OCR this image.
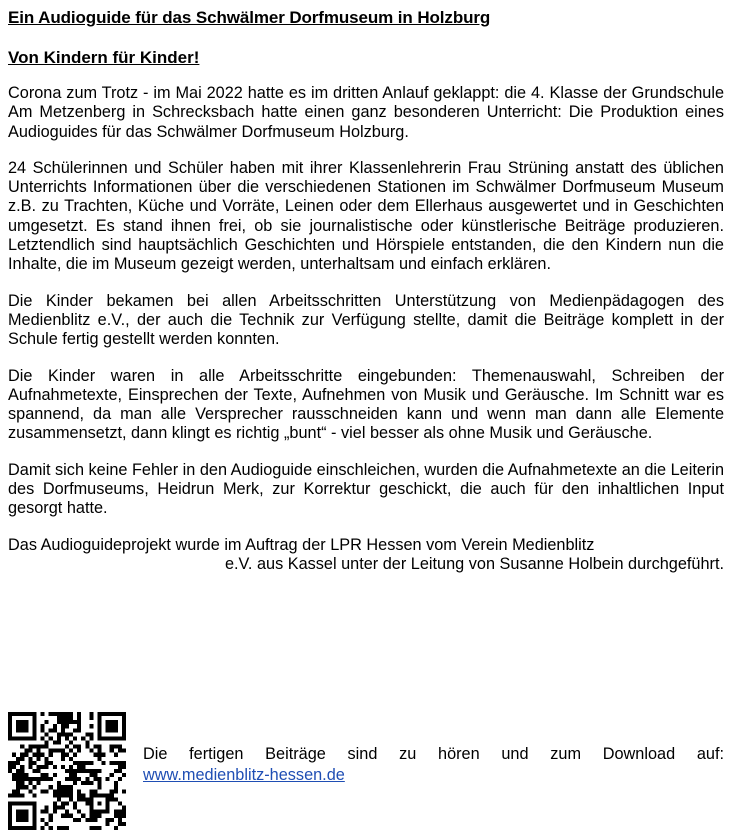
Ein Audioguide für das Schwälmer Dorfmuseum in Holzburg
Von Kindern für Kinder!

Corona zum Trotz - im Mai 2022 hatte es im dritten Anlauf geklappt: die 4. Klasse der Grundschule Am Metzenberg in Schrecksbach hatte einen ganz besonderen Unterricht: Die Produktion eines Audioguides für das Schwälmer Dorfmuseum Holzburg.

24 Schülerinnen und Schüler haben mit ihrer Klassenlehrerin Frau Strüning anstatt des üblichen Unterrichts Informationen über die verschiedenen Stationen im Schwälmer Dorfmuseum Museum z.B. zu Trachten, Küche und Vorräte, Leinen oder dem Ellerhaus ausgewertet und in Geschichten umgesetzt. Es stand ihnen frei, ob sie journalistische oder künstlerische Beiträge produzieren. Letztendlich sind hauptsächlich Geschichten und Hörspiele entstanden, die den Kindern nun die Inhalte, die im Museum gezeigt werden, unterhaltsam und einfach erklären.

Die Kinder bekamen bei allen Arbeitsschritten Unterstützung von Medienpädagogen des Medienblitz e.V., der auch die Technik zur Verfügung stellte, damit die Beiträge komplett in der Schule fertig gestellt werden konnten.

Die Kinder waren in alle Arbeitsschritte eingebunden: Themenauswahl, Schreiben der Aufnahmetexte, Einsprechen der Texte, Aufnehmen von Musik und Geräusche. Im Schnitt war es spannend, da man alle Versprecher rausschneiden kann und wenn man dann alle Elemente zusammensetzt, dann klingt es richtig „bunt“ - viel besser als ohne Musik und Geräusche.

Damit sich keine Fehler in den Audioguide einschleichen, wurden die Aufnahmetexte an die Leiterin des Dorfmuseums, Heidrun Merk, zur Korrektur geschickt, die auch für den inhaltlichen Input gesorgt hatte.

Das Audioguideprojekt wurde im Auftrag der LPR Hessen vom Verein Medienblitz
e.V. aus Kassel unter der Leitung von Susanne Holbein durchgeführt.

Die fertigen Beiträge sind zu hören und zum Download auf:
www.medienblitz-hessen.de
